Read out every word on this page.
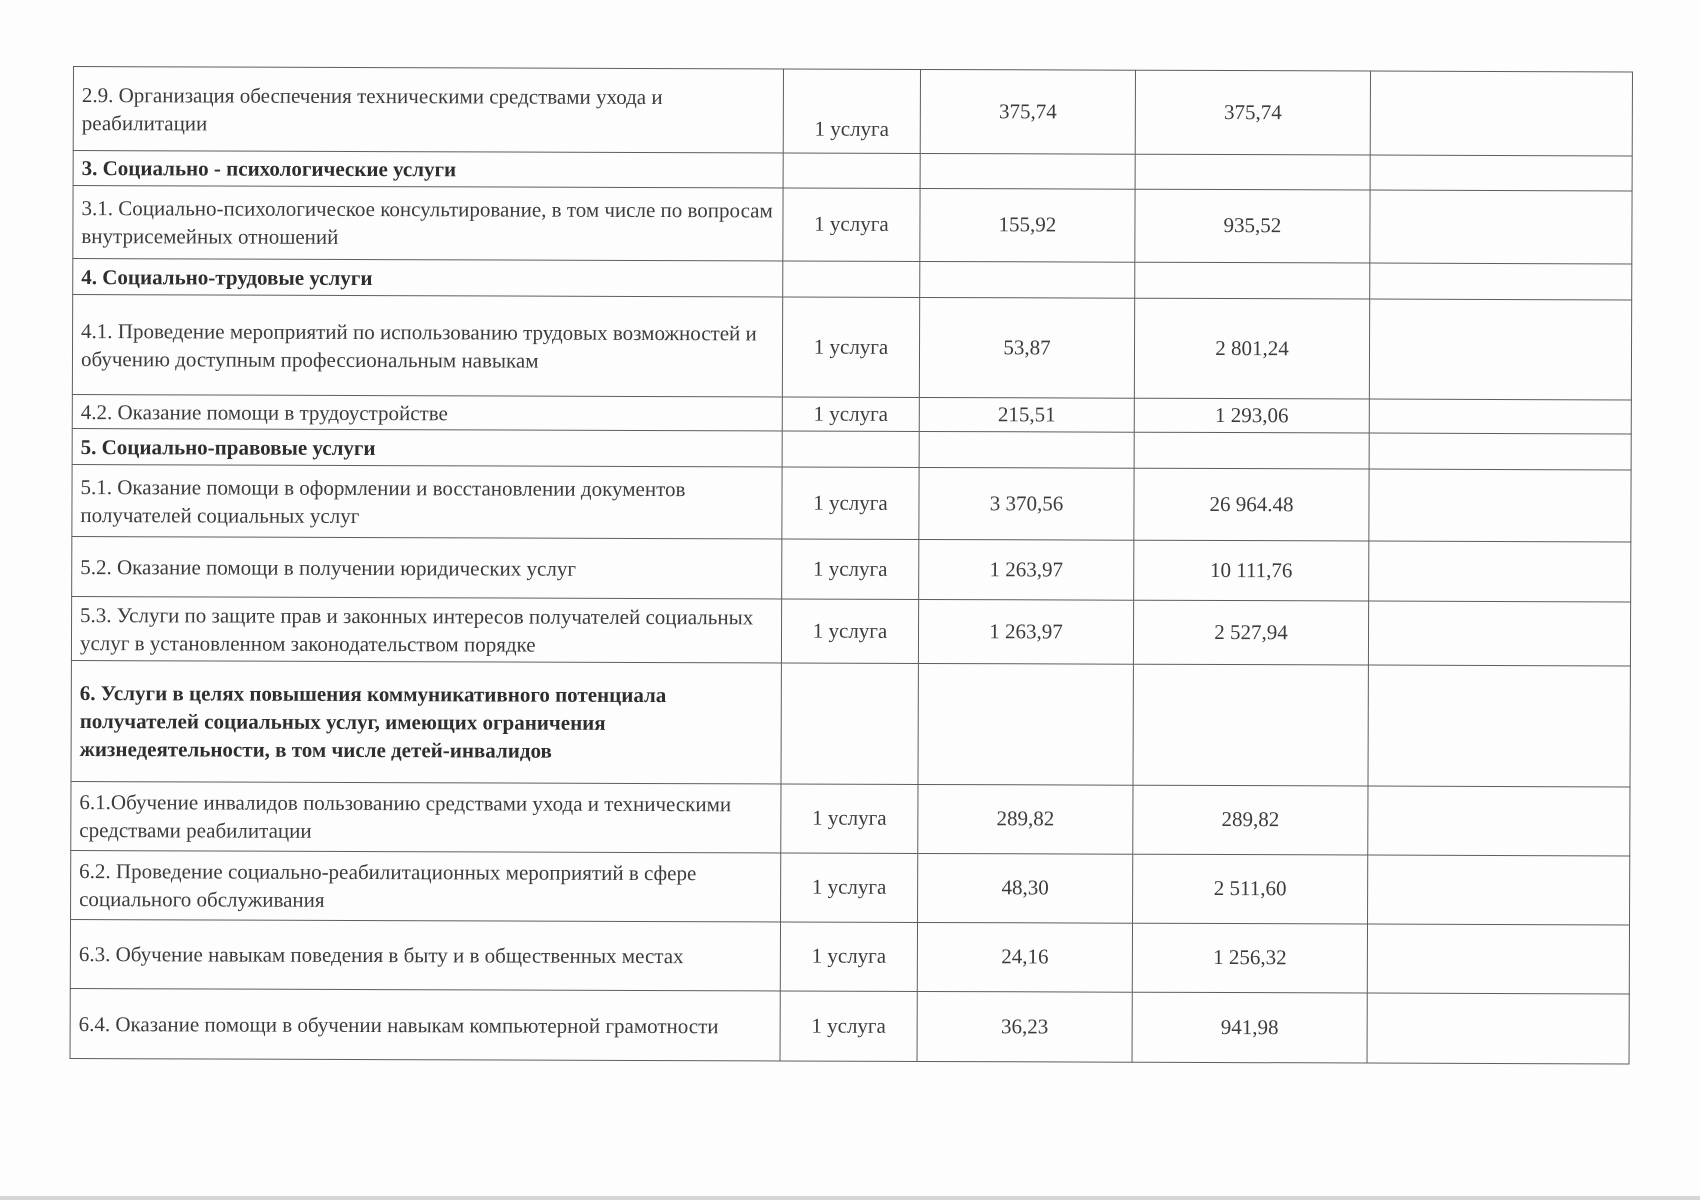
2.9. Организация обеспечения техническими средствами ухода и реабилитации	1 услуга	375,74	375,74	
3. Социально - психологические услуги				
3.1. Социально-психологическое консультирование, в том числе по вопросам внутрисемейных отношений	1 услуга	155,92	935,52	
4. Социально-трудовые услуги				
4.1. Проведение мероприятий по использованию трудовых возможностей и обучению доступным профессиональным навыкам	1 услуга	53,87	2 801,24	
4.2. Оказание помощи в трудоустройстве	1 услуга	215,51	1 293,06	
5. Социально-правовые услуги				
5.1. Оказание помощи в оформлении и восстановлении документов получателей социальных услуг	1 услуга	3 370,56	26 964.48	
5.2. Оказание помощи в получении юридических услуг	1 услуга	1 263,97	10 111,76	
5.3. Услуги по защите прав и законных интересов получателей социальных услуг в установленном законодательством порядке	1 услуга	1 263,97	2 527,94	
6. Услуги в целях повышения коммуникативного потенциала получателей социальных услуг, имеющих ограничения жизнедеятельности, в том числе детей-инвалидов				
6.1.Обучение инвалидов пользованию средствами ухода и техническими средствами реабилитации	1 услуга	289,82	289,82	
6.2. Проведение социально-реабилитационных мероприятий в сфере социального обслуживания	1 услуга	48,30	2 511,60	
6.3. Обучение навыкам поведения в быту и в общественных местах	1 услуга	24,16	1 256,32	
6.4. Оказание помощи в обучении навыкам компьютерной грамотности	1 услуга	36,23	941,98	
